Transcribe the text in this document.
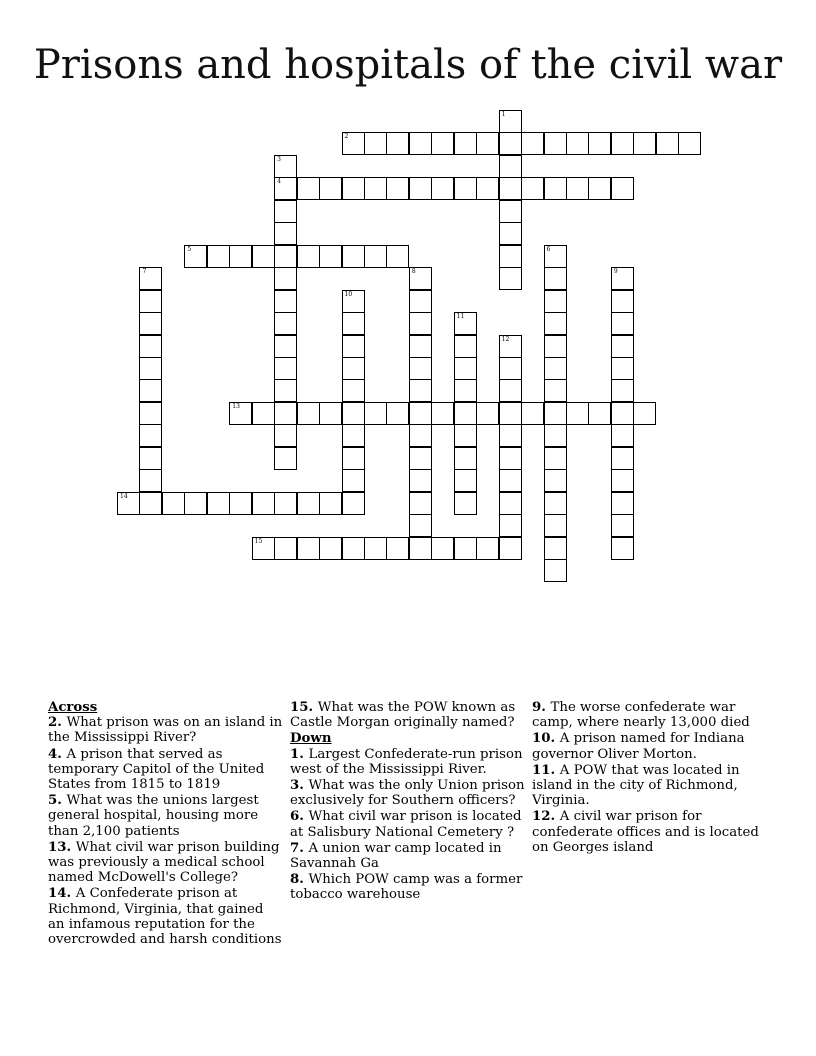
Prisons and hospitals of the civil war
2
4
5
13
14
15
1
3
6
7	8	9
10
11
12
Across
2. What prison was on an island in the Mississippi River?
4. A prison that served as temporary Capitol of the United States from 1815 to 1819
5. What was the unions largest general hospital, housing more than 2,100 patients
13. What civil war prison building was previously a medical school named McDowell's College?
14. A Confederate prison at Richmond, Virginia, that gained an infamous reputation for the overcrowded and harsh conditions
15. What was the POW known as Castle Morgan originally named?
Down
1. Largest Confederate-run prison west of the Mississippi River.
3. What was the only Union prison exclusively for Southern officers?
6. What civil war prison is located at Salisbury National Cemetery ?
7. A union war camp located in Savannah Ga
8. Which POW camp was a former tobacco warehouse
9. The worse confederate war camp, where nearly 13,000 died
10. A prison named for Indiana governor Oliver Morton.
11. A POW that was located in island in the city of Richmond, Virginia.
12. A civil war prison for confederate offices and is located on Georges island
